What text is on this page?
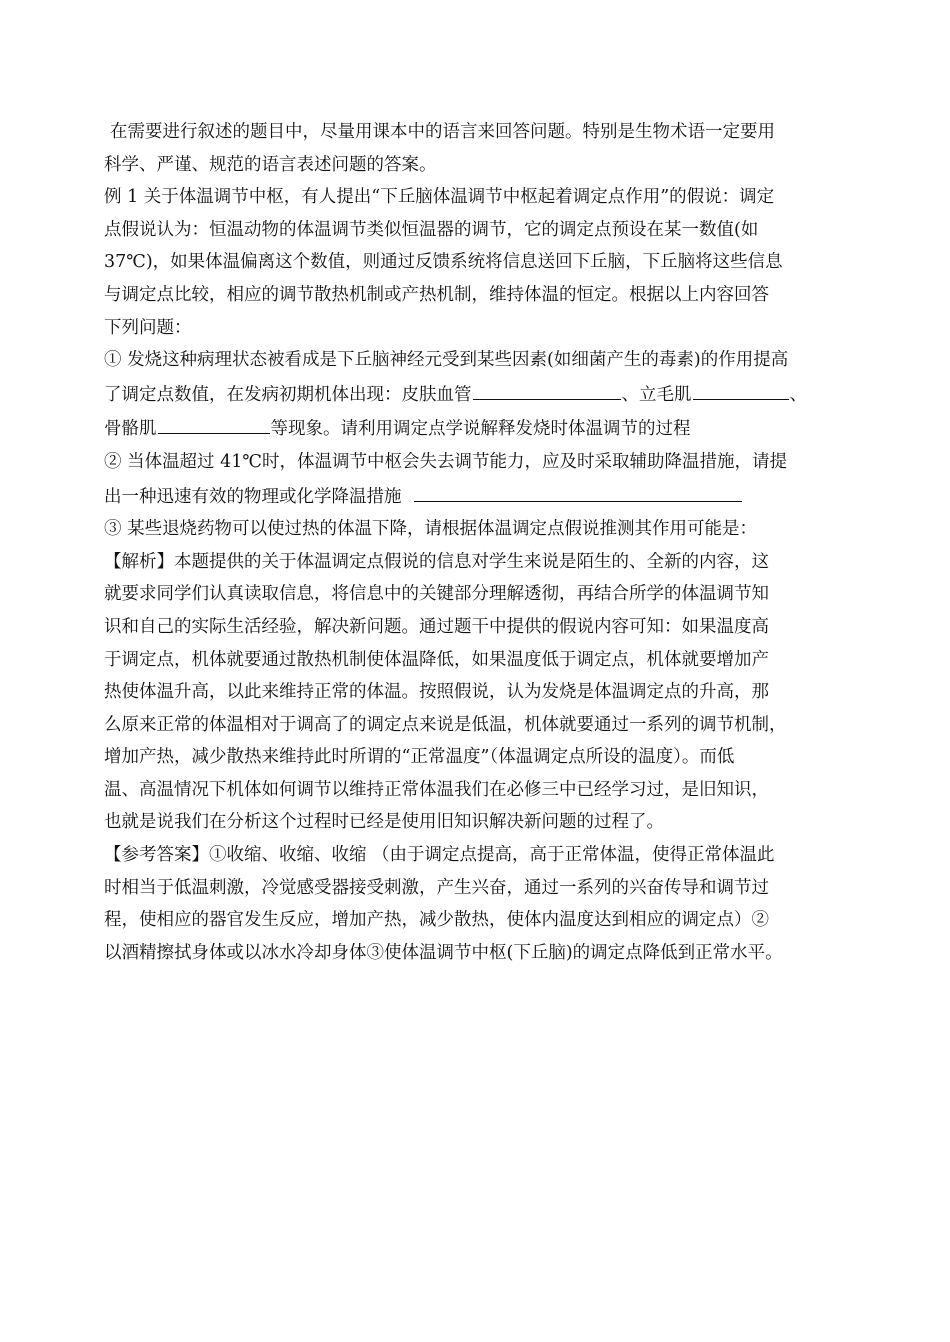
在需要进行叙述的题目中，尽量用课本中的语言来回答问题。特别是生物术语一定要用
科学、严谨、规范的语言表述问题的答案。
例 1 关于体温调节中枢，有人提出“下丘脑体温调节中枢起着调定点作用”的假说：调定
点假说认为：恒温动物的体温调节类似恒温器的调节，它的调定点预设在某一数值(如
37℃)，如果体温偏离这个数值，则通过反馈系统将信息送回下丘脑，下丘脑将这些信息
与调定点比较，相应的调节散热机制或产热机制，维持体温的恒定。根据以上内容回答
下列问题：
① 发烧这种病理状态被看成是下丘脑神经元受到某些因素(如细菌产生的毒素)的作用提高
了调定点数值，在发病初期机体出现：皮肤血管	、立毛肌	、
骨骼肌	等现象。请利用调定点学说解释发烧时体温调节的过程
② 当体温超过 41℃时，体温调节中枢会失去调节能力，应及时采取辅助降温措施，请提
出一种迅速有效的物理或化学降温措施
③ 某些退烧药物可以使过热的体温下降，请根据体温调定点假说推测其作用可能是：
【解析】本题提供的关于体温调定点假说的信息对学生来说是陌生的、全新的内容，这
就要求同学们认真读取信息，将信息中的关键部分理解透彻，再结合所学的体温调节知
识和自己的实际生活经验，解决新问题。通过题干中提供的假说内容可知：如果温度高
于调定点，机体就要通过散热机制使体温降低，如果温度低于调定点，机体就要增加产
热使体温升高，以此来维持正常的体温。按照假说，认为发烧是体温调定点的升高，那
么原来正常的体温相对于调高了的调定点来说是低温，机体就要通过一系列的调节机制，
增加产热，减少散热来维持此时所谓的“正常温度”（体温调定点所设的温度）。而低
温、高温情况下机体如何调节以维持正常体温我们在必修三中已经学习过，是旧知识，
也就是说我们在分析这个过程时已经是使用旧知识解决新问题的过程了。
【参考答案】①收缩、收缩、收缩 （由于调定点提高，高于正常体温，使得正常体温此
时相当于低温刺激，冷觉感受器接受刺激，产生兴奋，通过一系列的兴奋传导和调节过
程，使相应的器官发生反应，增加产热，减少散热，使体内温度达到相应的调定点）②
以酒精擦拭身体或以冰水冷却身体③使体温调节中枢(下丘脑)的调定点降低到正常水平。
